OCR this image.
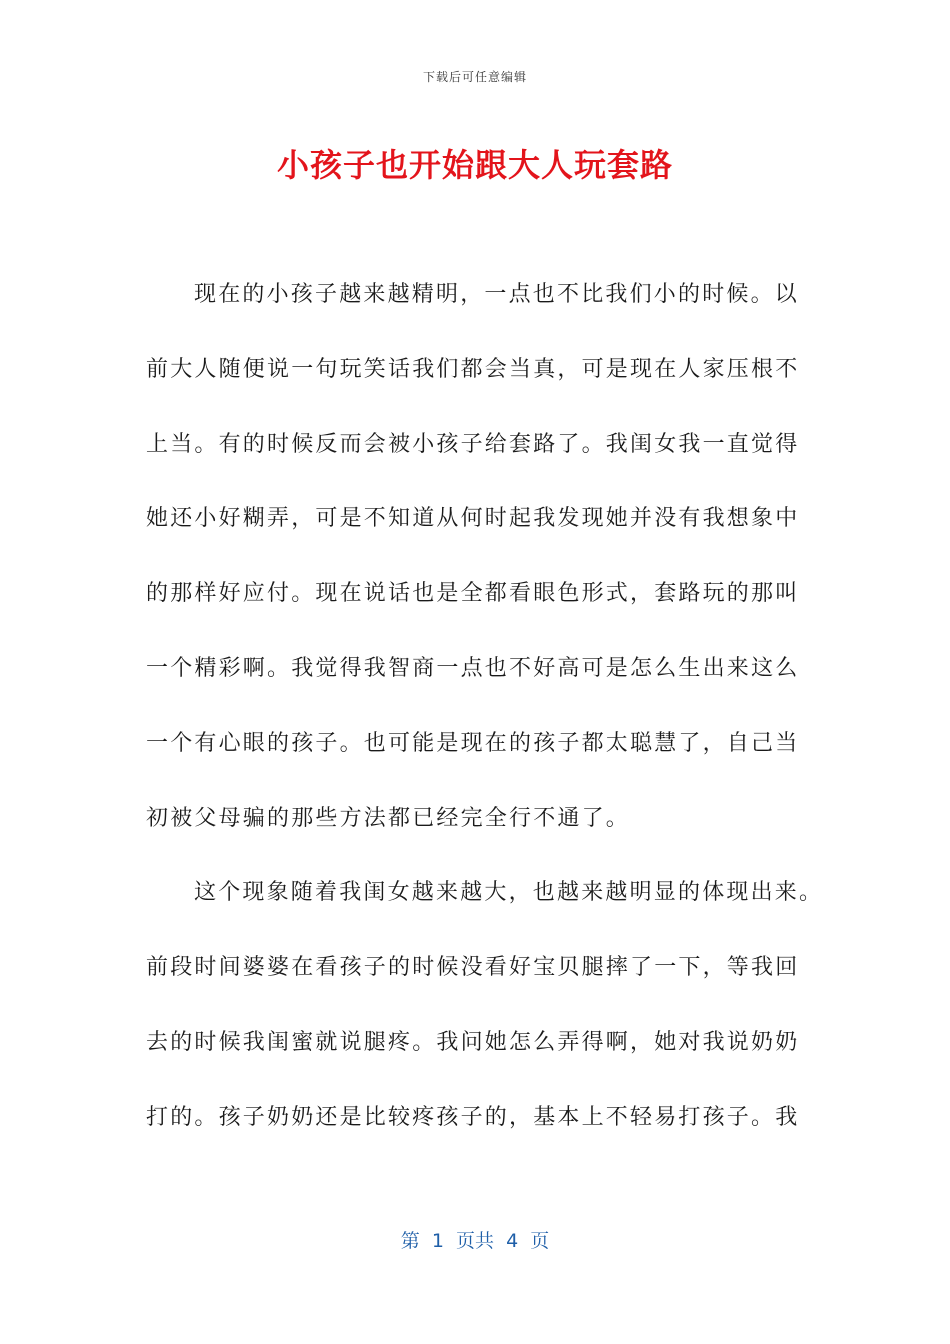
下载后可任意编辑
小孩子也开始跟大人玩套路
现在的小孩子越来越精明，一点也不比我们小的时候。以
前大人随便说一句玩笑话我们都会当真，可是现在人家压根不
上当。有的时候反而会被小孩子给套路了。我闺女我一直觉得
她还小好糊弄，可是不知道从何时起我发现她并没有我想象中
的那样好应付。现在说话也是全都看眼色形式，套路玩的那叫
一个精彩啊。我觉得我智商一点也不好高可是怎么生出来这么
一个有心眼的孩子。也可能是现在的孩子都太聪慧了，自己当
初被父母骗的那些方法都已经完全行不通了。
这个现象随着我闺女越来越大，也越来越明显的体现出来。
前段时间婆婆在看孩子的时候没看好宝贝腿摔了一下，等我回
去的时候我闺蜜就说腿疼。我问她怎么弄得啊，她对我说奶奶
打的。孩子奶奶还是比较疼孩子的，基本上不轻易打孩子。我
第  1  页共  4  页
